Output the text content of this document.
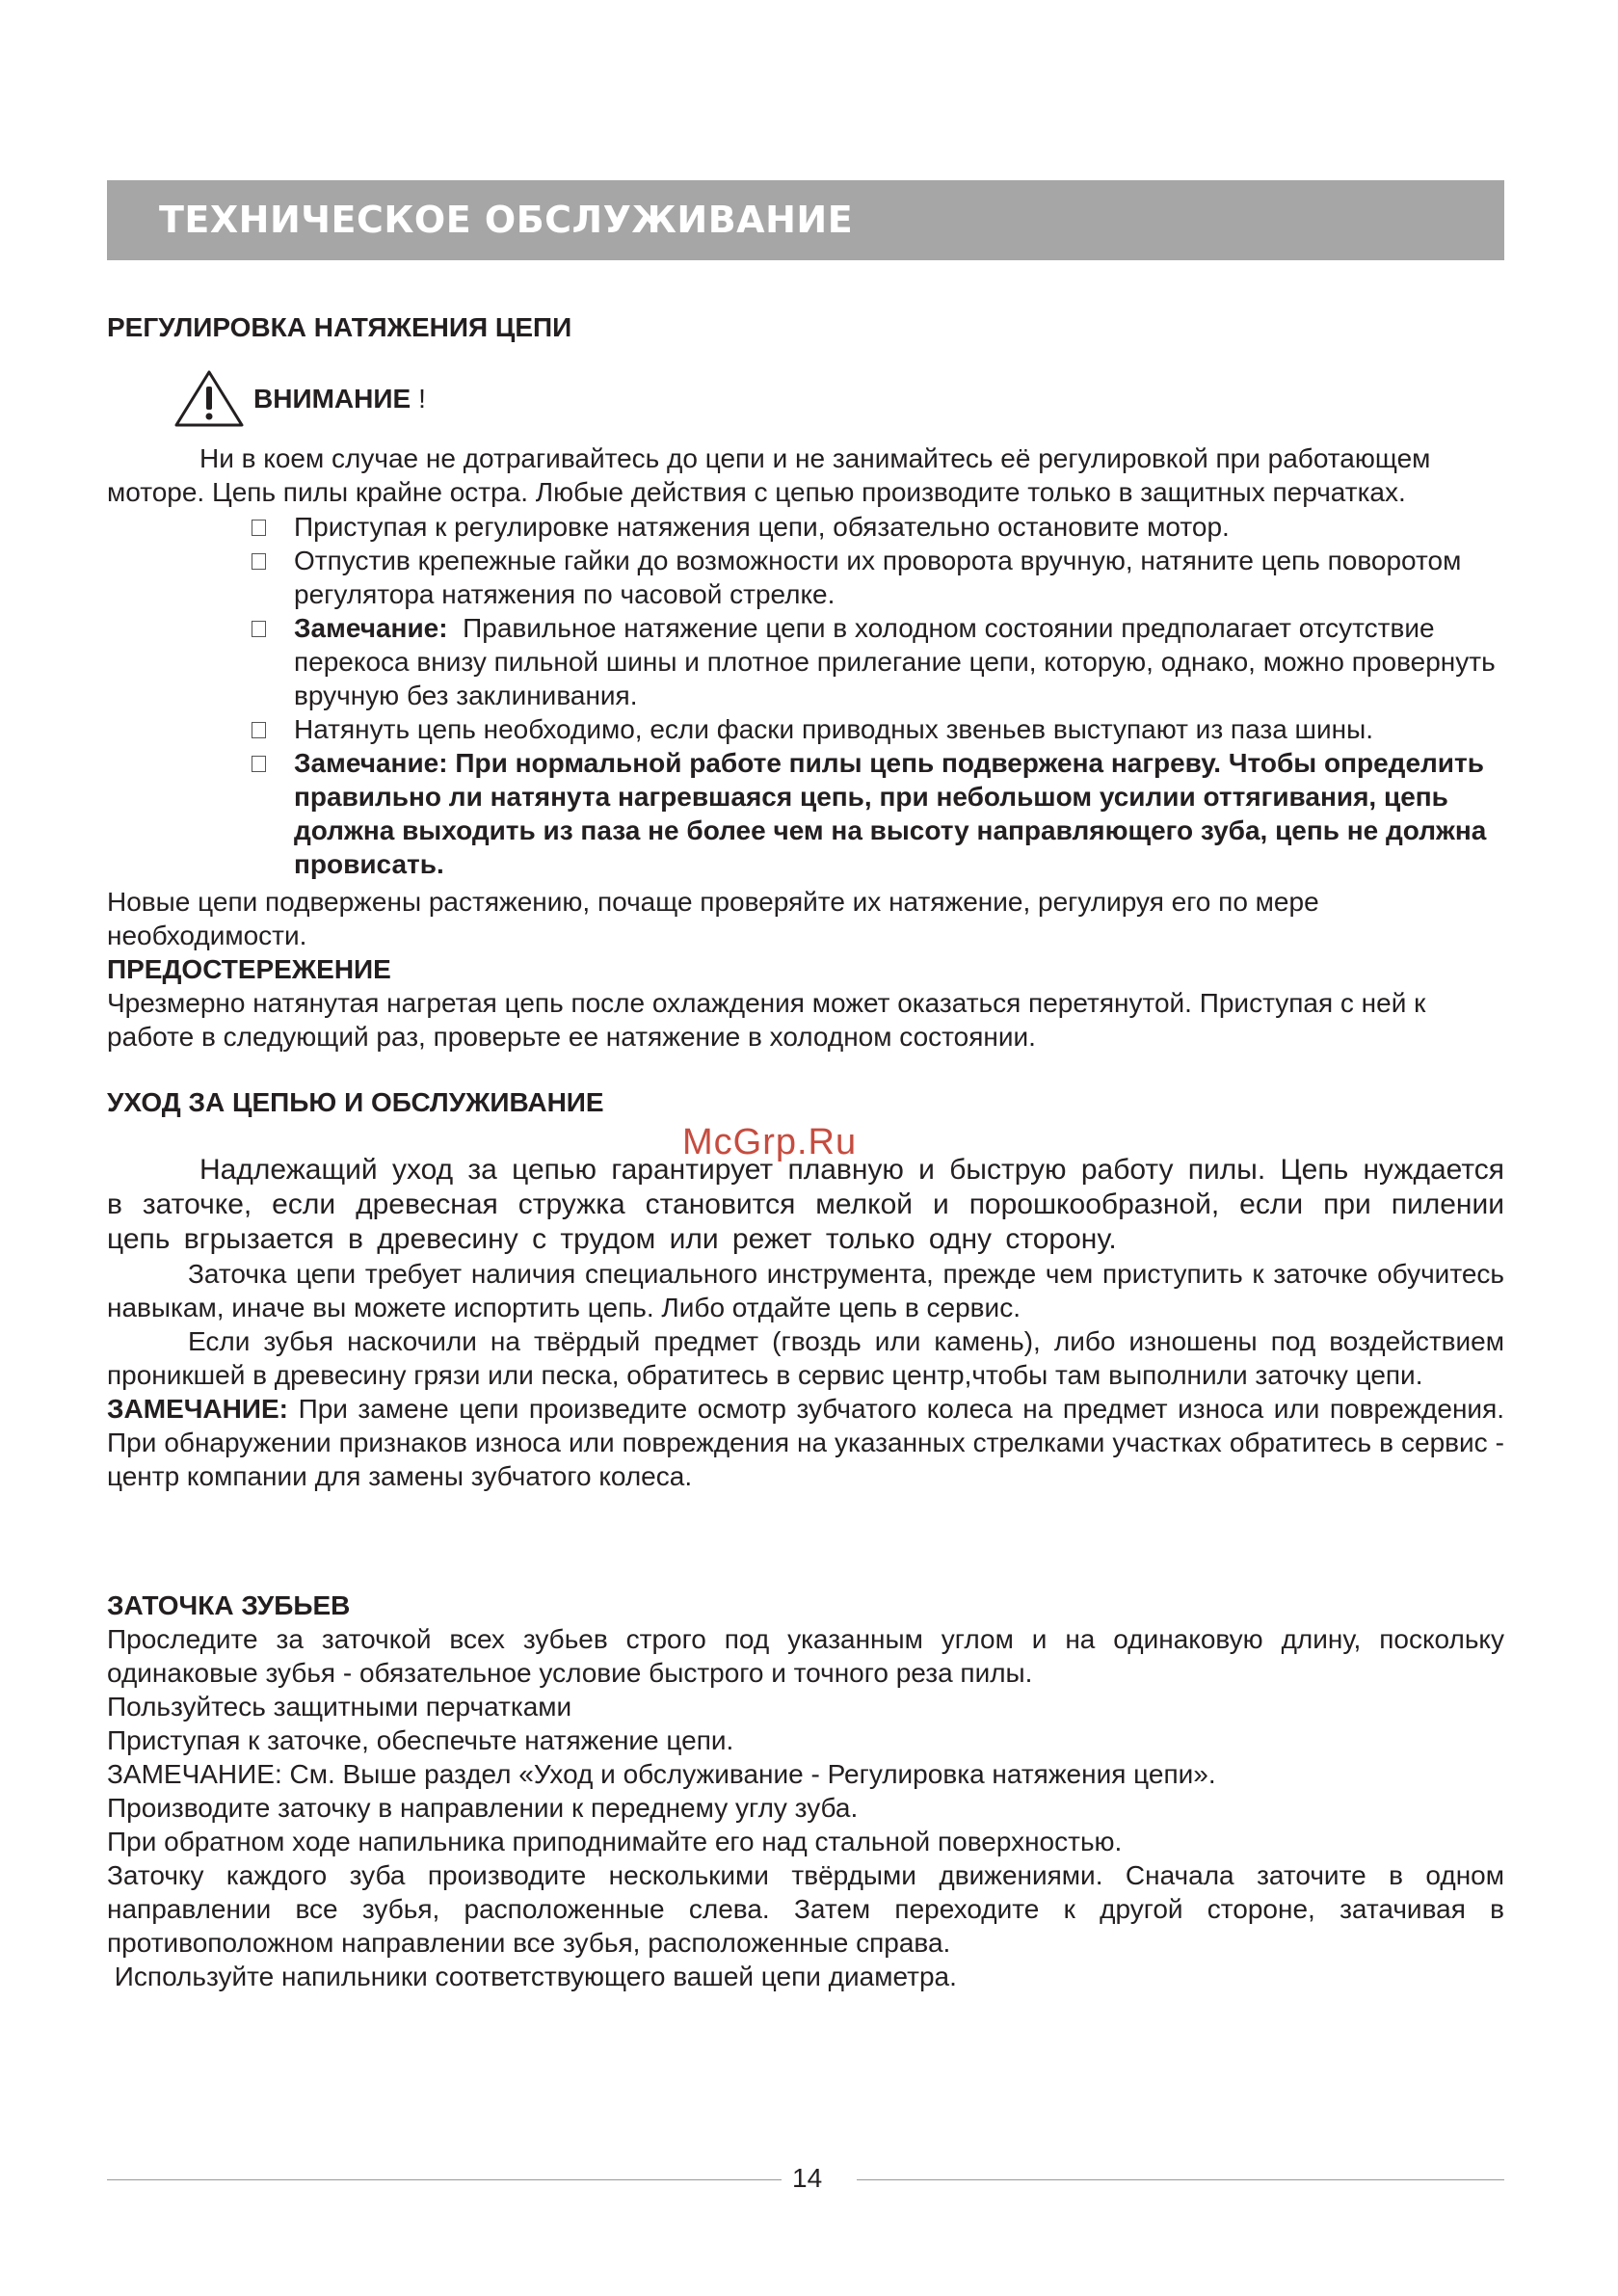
ТЕХНИЧЕСКОЕ ОБСЛУЖИВАНИЕ

РЕГУЛИРОВКА НАТЯЖЕНИЯ ЦЕПИ

ВНИМАНИЕ !

Ни в коем случае не дотрагивайтесь до цепи и не занимайтесь её регулировкой при работающем

моторе. Цепь пилы крайне остра. Любые действия с цепью производите только в защитных перчатках.

Приступая к регулировке натяжения цепи, обязательно остановите мотор.

Отпустив крепежные гайки до возможности их проворота вручную, натяните цепь поворотом регулятора натяжения по часовой стрелке.

Замечание: Правильное натяжение цепи в холодном состоянии предполагает отсутствие перекоса внизу пильной шины и плотное прилегание цепи, которую, однако, можно провернуть вручную без заклинивания.

Натянуть цепь необходимо, если фаски приводных звеньев выступают из паза шины.

Замечание: При нормальной работе пилы цепь подвержена нагреву. Чтобы определить правильно ли натянута нагревшаяся цепь, при небольшом усилии оттягивания, цепь должна выходить из паза не более чем на высоту направляющего зуба, цепь не должна провисать.

Новые цепи подвержены растяжению, почаще проверяйте их натяжение, регулируя его по мере необходимости.

ПРЕДОСТЕРЕЖЕНИЕ

Чрезмерно натянутая нагретая цепь после охлаждения может оказаться перетянутой. Приступая с ней к работе в следующий раз, проверьте ее натяжение в холодном состоянии.

УХОД ЗА ЦЕПЬЮ И ОБСЛУЖИВАНИЕ

Надлежащий уход за цепью гарантирует плавную и быструю работу пилы. Цепь нуждается в заточке, если древесная стружка становится мелкой и порошкообразной, если при пилении цепь вгрызается в древесину с трудом или режет только одну сторону.

Заточка цепи требует наличия специального инструмента, прежде чем приступить к заточке обучитесь навыкам, иначе вы можете испортить цепь. Либо отдайте цепь в сервис.

Если зубья наскочили на твёрдый предмет (гвоздь или камень), либо изношены под воздействием проникшей в древесину грязи или песка, обратитесь в сервис центр,чтобы там выполнили заточку цепи.

ЗАМЕЧАНИЕ: При замене цепи произведите осмотр зубчатого колеса на предмет износа или повреждения. При обнаружении признаков износа или повреждения на указанных стрелками участках обратитесь в сервис - центр компании для замены зубчатого колеса.

ЗАТОЧКА ЗУБЬЕВ

Проследите за заточкой всех зубьев строго под указанным углом и на одинаковую длину, поскольку одинаковые зубья - обязательное условие быстрого и точного реза пилы.

Пользуйтесь защитными перчатками

Приступая к заточке, обеспечьте натяжение цепи.

ЗАМЕЧАНИЕ: См. Выше раздел «Уход и обслуживание - Регулировка натяжения цепи».

Производите заточку в направлении к переднему углу зуба.

При обратном ходе напильника приподнимайте его над стальной поверхностью.

Заточку каждого зуба производите несколькими твёрдыми движениями. Сначала заточите в одном направлении все зубья, расположенные слева. Затем переходите к другой стороне, затачивая в противоположном направлении все зубья, расположенные справа.

Используйте напильники соответствующего вашей цепи диаметра.

McGrp.Ru
14
